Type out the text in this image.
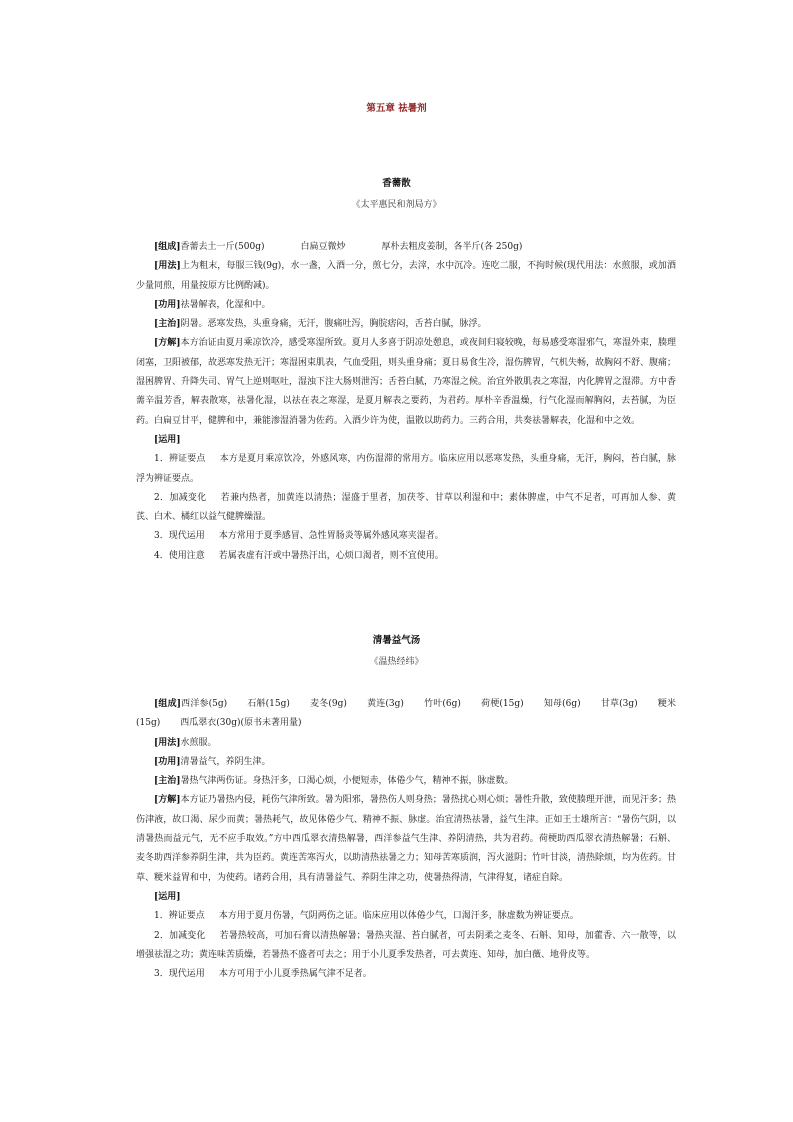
第五章 祛暑剂
香薷散
《太平惠民和剂局方》

[组成]香薷去土一斤(500g)	白扁豆微炒	厚朴去粗皮姜制，各半斤(各 250g)

[用法]上为粗末，每服三钱(9g)，水一盏，入酒一分，煎七分，去滓，水中沉冷。连吃二服，不拘时候(现代用法：水煎服，或加酒少量同煎，用量按原方比例酌减)。

[功用]祛暑解表，化湿和中。

[主治]阴暑。恶寒发热，头重身痛，无汗，腹痛吐泻，胸脘痞闷，舌苔白腻，脉浮。

[方解]本方治证由夏月乘凉饮冷，感受寒湿所致。夏月人多喜于阴凉处憩息，或夜间归寝较晚，每易感受寒湿邪气，寒湿外束，腠理闭塞，卫阳被郁，故恶寒发热无汗；寒湿困束肌表，气血受阻，则头重身痛；夏日易食生冷，湿伤脾胃，气机失畅，故胸闷不舒、腹痛；湿困脾胃、升降失司、胃气上逆则呕吐，湿浊下注大肠则泄泻；舌苔白腻，乃寒湿之候。治宜外散肌表之寒湿，内化脾胃之湿滞。方中香薷辛温芳香，解表散寒，祛暑化湿，以祛在表之寒湿，是夏月解表之要药，为君药。厚朴辛香温燥，行气化湿而解胸闷，去苔腻，为臣药。白扁豆甘平，健脾和中，兼能渗湿消暑为佐药。入酒少许为使，温散以助药力。三药合用，共奏祛暑解表，化湿和中之效。

[运用]

1．辨证要点 本方是夏月乘凉饮冷，外感风寒，内伤湿滞的常用方。临床应用以恶寒发热，头重身痛，无汗，胸闷，苔白腻，脉浮为辨证要点。

2．加减变化 若兼内热者，加黄连以清热；湿盛于里者，加茯苓、甘草以利湿和中；素体脾虚，中气不足者，可再加人参、黄芪、白术、橘红以益气健脾燥湿。

3．现代运用 本方常用于夏季感冒、急性胃肠炎等属外感风寒夹湿者。

4．使用注意 若属表虚有汗或中暑热汗出，心烦口渴者，则不宜使用。

清暑益气汤
《温热经纬》

[组成]西洋参(5g) 石斛(15g) 麦冬(9g) 黄连(3g) 竹叶(6g) 荷梗(15g) 知母(6g) 甘草(3g) 粳米 (15g) 西瓜翠衣(30g)(原书未著用量)

[用法]水煎服。

[功用]清暑益气，养阴生津。

[主治]暑热气津两伤证。身热汗多，口渴心烦，小便短赤，体倦少气，精神不振，脉虚数。

[方解]本方证乃暑热内侵，耗伤气津所致。暑为阳邪，暑热伤人则身热；暑热扰心则心烦；暑性升散，致使腠理开泄，而见汗多；热伤津液，故口渴、尿少而黄；暑热耗气，故见体倦少气、精神不振、脉虚。治宜清热祛暑，益气生津。正如王士雄所言：“暑伤气阴，以清暑热而益元气，无不应手取效。”方中西瓜翠衣清热解暑，西洋参益气生津、养阴清热，共为君药。荷梗助西瓜翠衣清热解暑；石斛、麦冬助西洋参养阴生津，共为臣药。黄连苦寒泻火，以助清热祛暑之力；知母苦寒质润，泻火滋阴；竹叶甘淡，清热除烦，均为佐药。甘草、粳米益胃和中，为使药。诸药合用，具有清暑益气、养阴生津之功，使暑热得清，气津得复，诸症自除。

[运用]

1．辨证要点 本方用于夏月伤暑，气阴两伤之证。临床应用以体倦少气，口渴汗多，脉虚数为辨证要点。

2．加减变化 若暑热较高，可加石膏以清热解暑；暑热夹湿、苔白腻者，可去阴柔之麦冬、石斛、知母，加藿香、六一散等，以增强祛湿之功；黄连味苦质燥，若暑热不盛者可去之；用于小儿夏季发热者，可去黄连、知母，加白薇、地骨皮等。

3．现代运用 本方可用于小儿夏季热属气津不足者。
